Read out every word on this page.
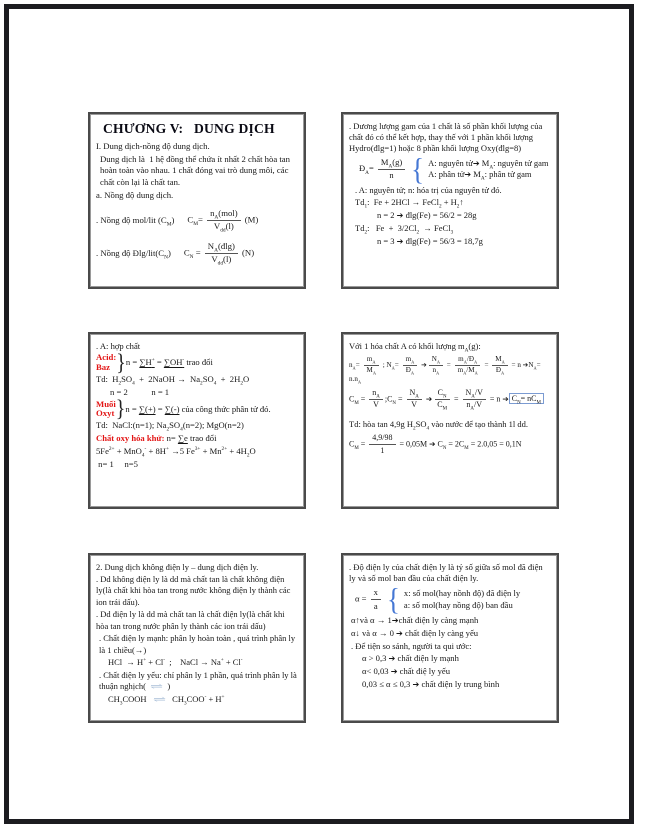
CHƯƠNG V:   DUNG DỊCH
I. Dung dịch-nồng độ dung dịch.
Dung dịch là  1 hệ đồng thể chứa ít nhất 2 chất hòa tan hoàn toàn vào nhau. 1 chất đóng vai trò dung môi, các chất còn lại là chất tan.
a. Nồng độ dung dịch.
. Nồng độ mol/lit $(C_M)$ $C_M=$
$n_A(mol)$
$V_{dd}(l)$
(M)
. Nồng độ Đlg/$lit(C_N) C_N$ =
$N_A(đ\lg)$
$V_{dd}(l)$
(N)
. Dương lượng gam của 1 chất là số phần khối lượng của chất đó có thể kết hợp, thay thế với 1 phần khối lượng Hydro(đlg=1) hoặc 8 phần khối lượng Oxy(đlg=8)
$Đ_A= \frac{M_A(g)}{n}$ { A: nguyên tử➔ $M_A$: nguyên tử gam
A: phân tử➔ $M_A$: phân tử gam
. A: nguyên tử; n: hóa trị của nguyên tử đó.
$Td_1$:  Fe + 2HCl → FeCl$_2$ + $H_2↑$
n = 2 ➔ đlg(Fe) = 56/2 = 28g
$Td_2$:   $Fe + 3/2Cl_2$  → FeCl$_3$
n = 3 ➔ đlg(Fe) = 56/3 = 18,7g
. A: hợp chất
Acid:
Baz } n = ∑H+ = ∑OH- trao đổi
Td:  $H_2SO_4$  +  2NaOH →  $Na_2SO_4 + 2H_2O$
n = 2           n = 1
Muối
Oxyt } n = ∑(+) = ∑(-) của công thức phân tử đó.
Td:  NaCl:(n=1); $Na_2SO_4(n=2)$; MgO(n=2)
Chất oxy hóa khử: n= ∑e trao đổi
$5Fe^{2+} + MnO_4^- + 8H^+ \to 5$ $Fe^{3+} + Mn^{2+} + 4H_2O$
n= 1     n=5
Với 1 hóa chất A có khối lượng $m_A(g)$:
$n_A= \frac{m_A}{M_A}$ ; $N_A= \frac{m_A}{Đ_A}$ ➔ $\frac{N_A}{n_A} = \frac{m_A/Đ_A}{m_A/M_A} = \frac{M_A}{Đ_A} = n$ $➔N_A= n.n_A$
$C_M = \frac{n_A}{V}$ $;C_N = \frac{N_A}{V}$ ➔ $\frac{C_N}{C_M} = \frac{N_A/V}{n_A/V} = n$ ➔ $C_N= nC_M$
Td: hòa tan 4,9g $H_2SO_4$ vào nước để tạo thành 1l dd.
$C_M = \frac{4,9/98}{1} = 0,05M$ ➔ $C_N = 2C_M = 2.0,05 = 0,1N$
2. Dung dịch không điện ly – dung dịch điện ly.
. Dd không điện ly là dd mà chất tan là chất không điện ly(là chất khi hòa tan trong nước không điện ly thành các ion trái dấu).
. Dd điện ly là dd mà chất tan là chất điện ly(là chất khi hòa tan trong nước phân ly thành các ion trái dấu)
. Chất điện ly mạnh: phân ly hoàn toàn , quá trình phân ly là 1 chiều(→)
HCl  → H+ + Cl-  ;    NaCl → Na+ + Cl-
. Chất điện ly yếu: chỉ phân ly 1 phần, quá trình phân ly là thuận nghịch( ⇌ )
$CH_3COOH$  ⇌  $CH_3COO^- + H^+$
. Độ điện ly của chất điện ly là tỷ số giữa số mol đã điện ly và số mol ban đầu của chất điện ly.
$\alpha = \frac{x}{a}$ { x: số mol(hay nồnh độ) đã điện ly
a: số mol(hay nồng độ) ban đầu
α↑và α → 1➔chất điện ly càng mạnh
α↓ và α → 0 ➔ chất điện ly càng yếu
. Để tiện so sánh, người ta qui ước:
α > 0,3 ➔ chất điện ly mạnh
α< 0,03 ➔ chất điệ ly yếu
0,03 ≤ α ≤ 0,3 ➔ chất điện ly trung bình
